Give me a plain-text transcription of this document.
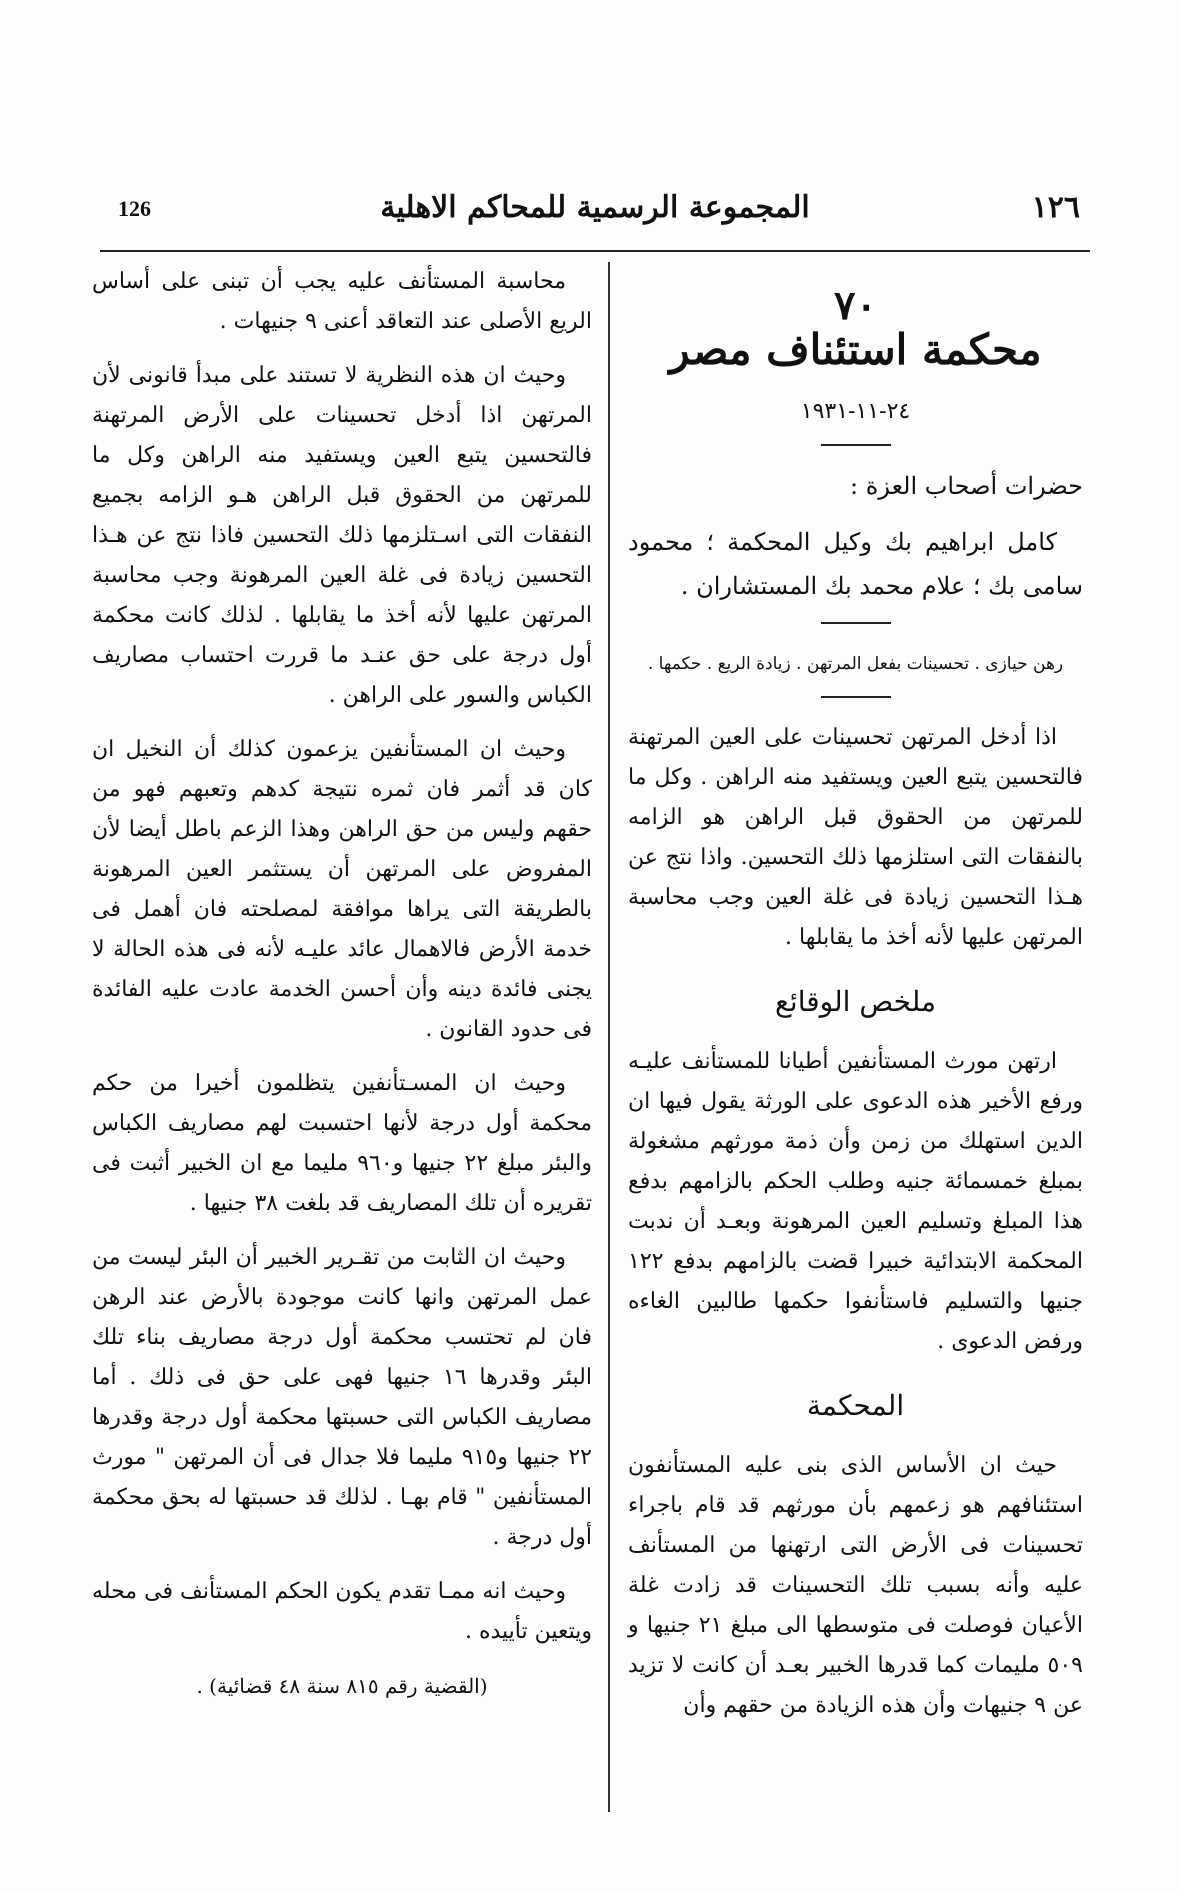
126	المجموعة الرسمية للمحاكم الاهلية	١٢٦
٧٠
محكمة استئناف مصر
٢٤-١١-١٩٣١
حضرات أصحاب العزة :

كامل ابراهيم بك وكيل المحكمة ؛ محمود سامى بك ؛ علام محمد بك المستشاران .

رهن حيازى . تحسينات بفعل المرتهن . زيادة الريع . حكمها .

اذا أدخل المرتهن تحسينات على العين المرتهنة فالتحسين يتبع العين ويستفيد منه الراهن . وكل ما للمرتهن من الحقوق قبل الراهن هو الزامه بالنفقات التى استلزمها ذلك التحسين. واذا نتج عن هـذا التحسين زيادة فى غلة العين وجب محاسبة المرتهن عليها لأنه أخذ ما يقابلها .

ملخص الوقائع

ارتهن مورث المستأنفين أطيانا للمستأنف عليـه ورفع الأخير هذه الدعوى على الورثة يقول فيها ان الدين استهلك من زمن وأن ذمة مورثهم مشغولة بمبلغ خمسمائة جنيه وطلب الحكم بالزامهم بدفع هذا المبلغ وتسليم العين المرهونة وبعـد أن ندبت المحكمة الابتدائية خبيرا قضت بالزامهم بدفع ١٢٢ جنيها والتسليم فاستأنفوا حكمها طالبين الغاءه ورفض الدعوى .

المحكمة

حيث ان الأساس الذى بنى عليه المستأنفون استئنافهم هو زعمهم بأن مورثهم قد قام باجراء تحسينات فى الأرض التى ارتهنها من المستأنف عليه وأنه بسبب تلك التحسينات قد زادت غلة الأعيان فوصلت فى متوسطها الى مبلغ ٢١ جنيها و ٥٠٩ مليمات كما قدرها الخبير بعـد أن كانت لا تزيد عن ٩ جنيهات وأن هذه الزيادة من حقهم وأن

محاسبة المستأنف عليه يجب أن تبنى على أساس الريع الأصلى عند التعاقد أعنى ٩ جنيهات .

وحيث ان هذه النظرية لا تستند على مبدأ قانونى لأن المرتهن اذا أدخل تحسينات على الأرض المرتهنة فالتحسين يتبع العين ويستفيد منه الراهن وكل ما للمرتهن من الحقوق قبل الراهن هـو الزامه بجميع النفقات التى اسـتلزمها ذلك التحسين فاذا نتج عن هـذا التحسين زيادة فى غلة العين المرهونة وجب محاسبة المرتهن عليها لأنه أخذ ما يقابلها . لذلك كانت محكمة أول درجة على حق عنـد ما قررت احتساب مصاريف الكباس والسور على الراهن .

وحيث ان المستأنفين يزعمون كذلك أن النخيل ان كان قد أثمر فان ثمره نتيجة كدهم وتعبهم فهو من حقهم وليس من حق الراهن وهذا الزعم باطل أيضا لأن المفروض على المرتهن أن يستثمر العين المرهونة بالطريقة التى يراها موافقة لمصلحته فان أهمل فى خدمة الأرض فالاهمال عائد عليـه لأنه فى هذه الحالة لا يجنى فائدة دينه وأن أحسن الخدمة عادت عليه الفائدة فى حدود القانون .

وحيث ان المسـتأنفين يتظلمون أخيرا من حكم محكمة أول درجة لأنها احتسبت لهم مصاريف الكباس والبئر مبلغ ٢٢ جنيها و٩٦٠ مليما مع ان الخبير أثبت فى تقريره أن تلك المصاريف قد بلغت ٣٨ جنيها .

وحيث ان الثابت من تقـرير الخبير أن البئر ليست من عمل المرتهن وانها كانت موجودة بالأرض عند الرهن فان لم تحتسب محكمة أول درجة مصاريف بناء تلك البئر وقدرها ١٦ جنيها فهى على حق فى ذلك . أما مصاريف الكباس التى حسبتها محكمة أول درجة وقدرها ٢٢ جنيها و٩١٥ مليما فلا جدال فى أن المرتهن " مورث المستأنفين " قام بهـا . لذلك قد حسبتها له بحق محكمة أول درجة .

وحيث انه ممـا تقدم يكون الحكم المستأنف فى محله ويتعين تأييده .

(القضية رقم ٨١٥ سنة ٤٨ قضائية) .
